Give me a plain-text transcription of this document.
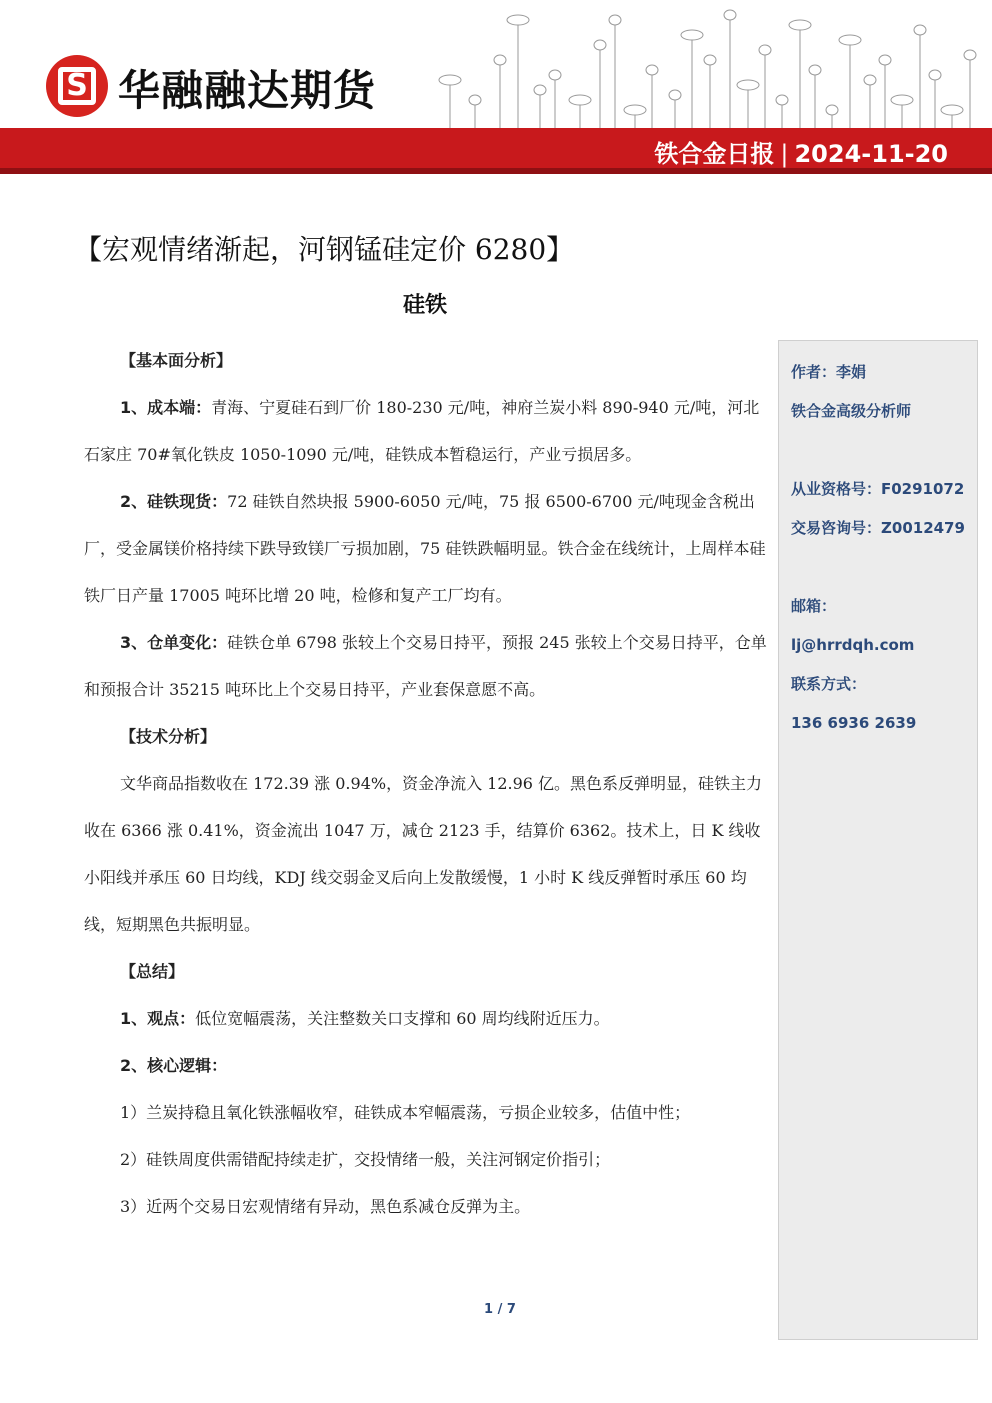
S 华融融达期货
铁合金日报 | 2024-11-20
【宏观情绪渐起，河钢锰硅定价 6280】
硅铁
【基本面分析】

1、成本端：青海、宁夏硅石到厂价 180-230 元/吨，神府兰炭小料 890-940 元/吨，河北石家庄 70#氧化铁皮 1050-1090 元/吨，硅铁成本暂稳运行，产业亏损居多。

2、硅铁现货：72 硅铁自然块报 5900-6050 元/吨，75 报 6500-6700 元/吨现金含税出厂，受金属镁价格持续下跌导致镁厂亏损加剧，75 硅铁跌幅明显。铁合金在线统计，上周样本硅铁厂日产量 17005 吨环比增 20 吨，检修和复产工厂均有。

3、仓单变化：硅铁仓单 6798 张较上个交易日持平，预报 245 张较上个交易日持平，仓单和预报合计 35215 吨环比上个交易日持平，产业套保意愿不高。

【技术分析】

文华商品指数收在 172.39 涨 0.94%，资金净流入 12.96 亿。黑色系反弹明显，硅铁主力收在 6366 涨 0.41%，资金流出 1047 万，减仓 2123 手，结算价 6362。技术上，日 K 线收小阳线并承压 60 日均线，KDJ 线交弱金叉后向上发散缓慢，1 小时 K 线反弹暂时承压 60 均线，短期黑色共振明显。

【总结】

1、观点：低位宽幅震荡，关注整数关口支撑和 60 周均线附近压力。

2、核心逻辑：

1）兰炭持稳且氧化铁涨幅收窄，硅铁成本窄幅震荡，亏损企业较多，估值中性；

2）硅铁周度供需错配持续走扩，交投情绪一般，关注河钢定价指引；

3）近两个交易日宏观情绪有异动，黑色系减仓反弹为主。

作者：李娟
铁合金高级分析师
从业资格号：F0291072
交易咨询号：Z0012479
邮箱：
lj@hrrdqh.com
联系方式：
136 6936 2639
1 / 7
